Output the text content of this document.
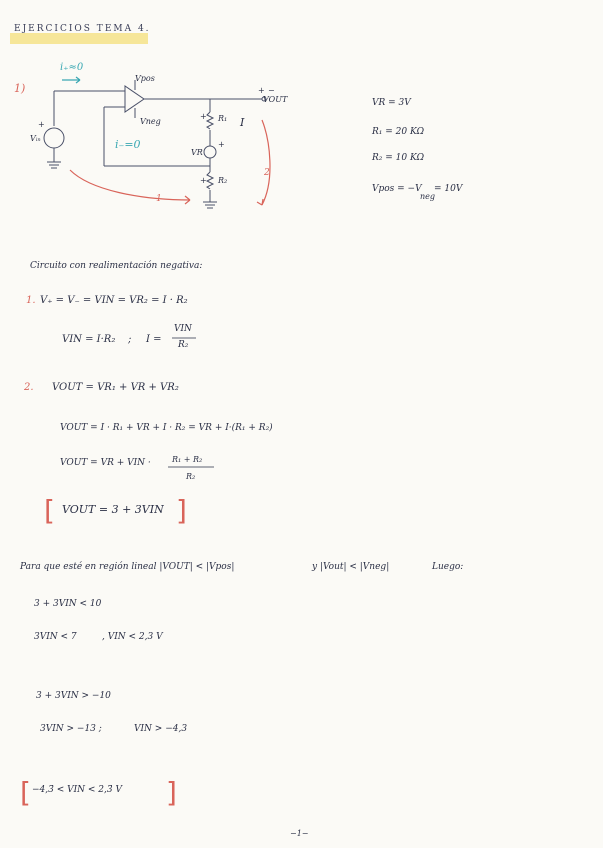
EJERCICIOS TEMA 4.
1)
i₊≈0
Vpos
Vneg
VOUT
+ −
i₋=0
+ R₁ I
VR
+
+ R₂
Vᵢₙ
+
1
2
VR = 3V
R₁ = 20 KΩ
R₂ = 10 KΩ
Vpos = −V
neg
= 10V
Circuito con realimentación negativa:
1. V₊ = V₋ = VIN = VR₂ = I · R₂
VIN = I·R₂ ; I =
VIN
R₂
2. VOUT = VR₁ + VR + VR₂
VOUT = I · R₁ + VR + I · R₂ = VR + I·(R₁ + R₂)
VOUT = VR + VIN ·	R₁ + R₂
R₂
[ VOUT = 3 + 3VIN ]
Para que esté en región lineal |VOUT| < |Vpos|	y |Vout| < |Vneg|	Luego:
3 + 3VIN < 10
3VIN < 7	, VIN < 2,3 V
3 + 3VIN > −10
3VIN > −13 ;	VIN > −4,3
[ −4,3̄ < VIN < 2,3̄ V ]
−1−
